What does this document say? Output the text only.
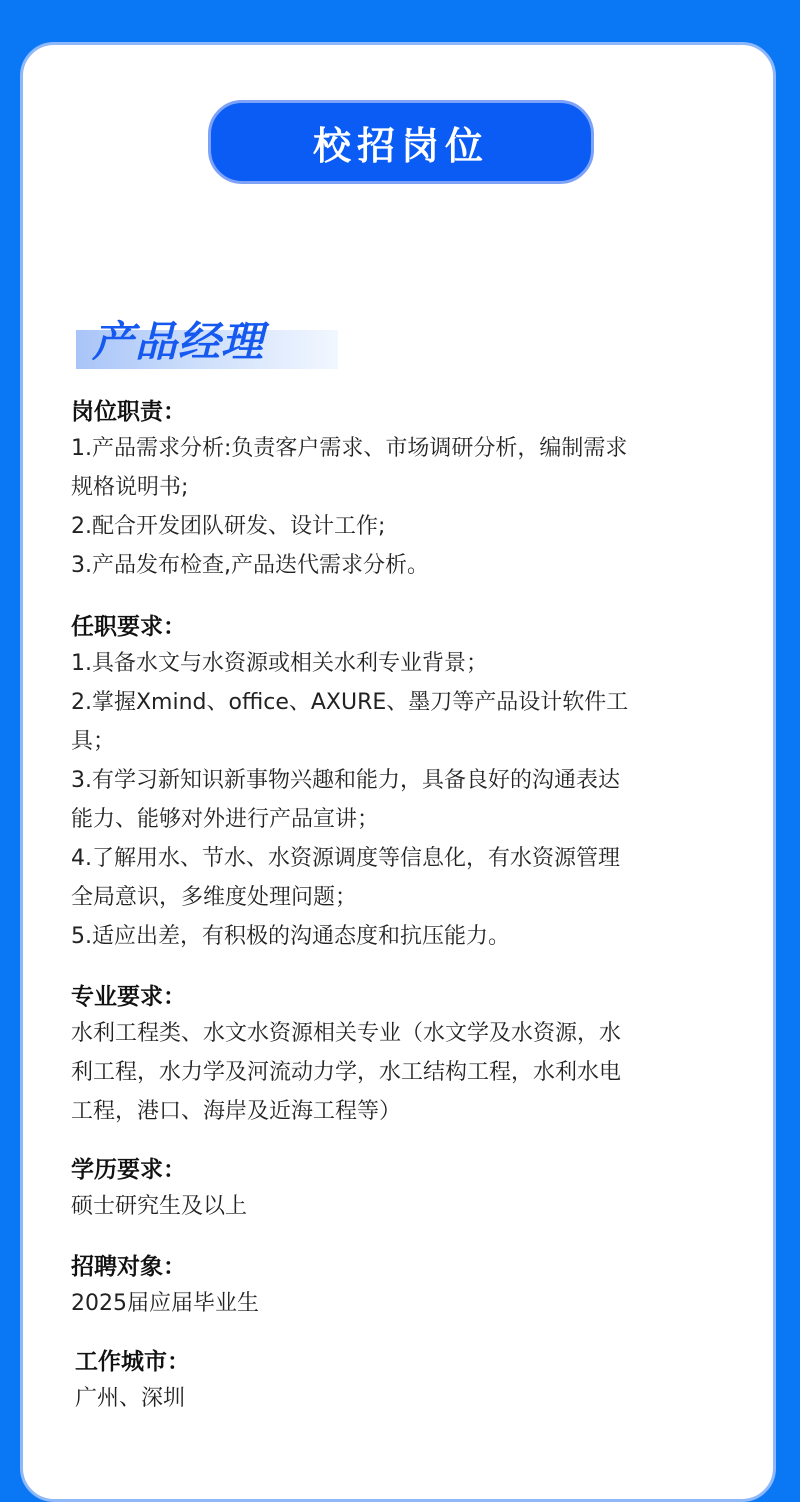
校招岗位
产品经理

岗位职责：

1.产品需求分析:负责客户需求、市场调研分析，编制需求

规格说明书;

2.配合开发团队研发、设计工作;

3.产品发布检查,产品迭代需求分析。

任职要求：

1.具备水文与水资源或相关水利专业背景；

2.掌握Xmind、office、AXURE、墨刀等产品设计软件工

具；

3.有学习新知识新事物兴趣和能力，具备良好的沟通表达

能力、能够对外进行产品宣讲；

4.了解用水、节水、水资源调度等信息化，有水资源管理

全局意识，多维度处理问题；

5.适应出差，有积极的沟通态度和抗压能力。

专业要求：

水利工程类、水文水资源相关专业（水文学及水资源，水

利工程，水力学及河流动力学，水工结构工程，水利水电

工程，港口、海岸及近海工程等）

学历要求：

硕士研究生及以上

招聘对象：

2025届应届毕业生

工作城市：

广州、深圳
